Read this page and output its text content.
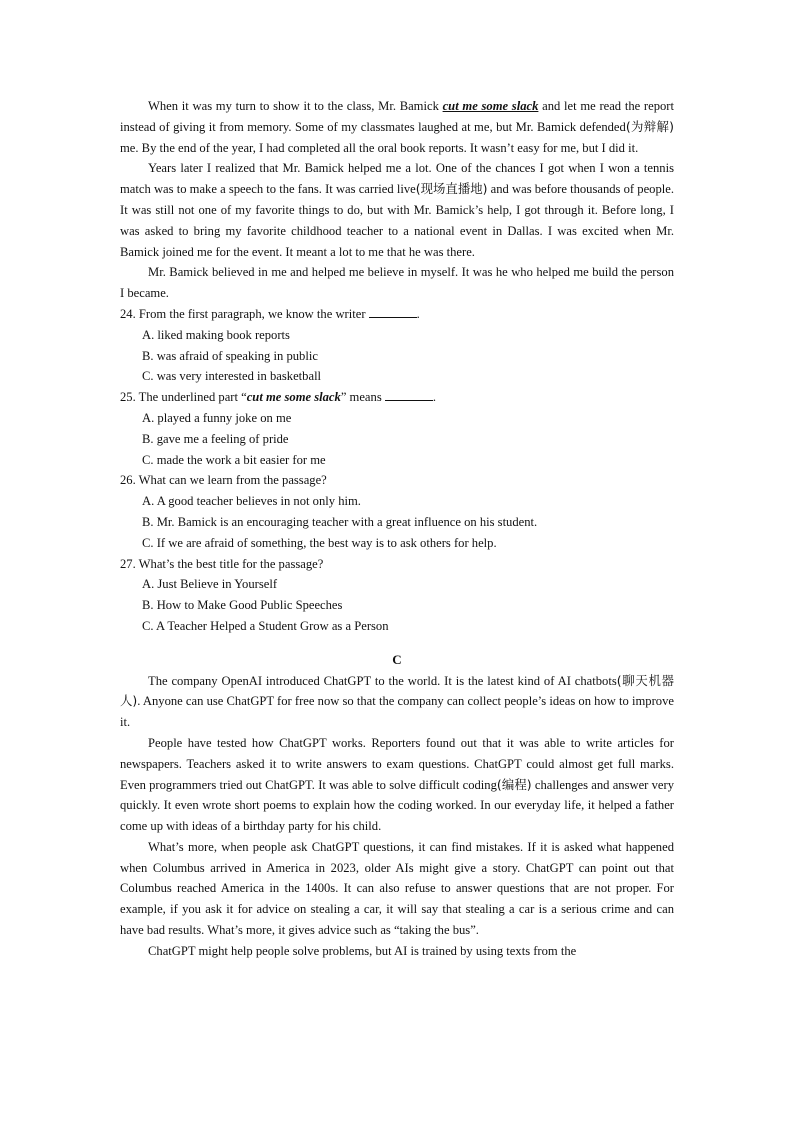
When it was my turn to show it to the class, Mr. Bamick cut me some slack and let me read the report instead of giving it from memory. Some of my classmates laughed at me, but Mr. Bamick defended(为辩解) me. By the end of the year, I had completed all the oral book reports. It wasn’t easy for me, but I did it.

Years later I realized that Mr. Bamick helped me a lot. One of the chances I got when I won a tennis match was to make a speech to the fans. It was carried live(现场直播地) and was before thousands of people. It was still not one of my favorite things to do, but with Mr. Bamick’s help, I got through it. Before long, I was asked to bring my favorite childhood teacher to a national event in Dallas. I was excited when Mr. Bamick joined me for the event. It meant a lot to me that he was there.

Mr. Bamick believed in me and helped me believe in myself. It was he who helped me build the person I became.

24. From the first paragraph, we know the writer	.

A. liked making book reports
B. was afraid of speaking in public
C. was very interested in basketball

25. The underlined part “cut me some slack” means	.

A. played a funny joke on me
B. gave me a feeling of pride
C. made the work a bit easier for me

26. What can we learn from the passage?

A. A good teacher believes in not only him.
B. Mr. Bamick is an encouraging teacher with a great influence on his student.
C. If we are afraid of something, the best way is to ask others for help.

27. What’s the best title for the passage?

A. Just Believe in Yourself
B. How to Make Good Public Speeches
C. A Teacher Helped a Student Grow as a Person
C

The company OpenAI introduced ChatGPT to the world. It is the latest kind of AI chatbots(聊天机器人). Anyone can use ChatGPT for free now so that the company can collect people’s ideas on how to improve it.

People have tested how ChatGPT works. Reporters found out that it was able to write articles for newspapers. Teachers asked it to write answers to exam questions. ChatGPT could almost get full marks. Even programmers tried out ChatGPT. It was able to solve difficult coding(编程) challenges and answer very quickly. It even wrote short poems to explain how the coding worked. In our everyday life, it helped a father come up with ideas of a birthday party for his child.

What’s more, when people ask ChatGPT questions, it can find mistakes. If it is asked what happened when Columbus arrived in America in 2023, older AIs might give a story. ChatGPT can point out that Columbus reached America in the 1400s. It can also refuse to answer questions that are not proper. For example, if you ask it for advice on stealing a car, it will say that stealing a car is a serious crime and can have bad results. What’s more, it gives advice such as “taking the bus”.

ChatGPT might help people solve problems, but AI is trained by using texts from the
